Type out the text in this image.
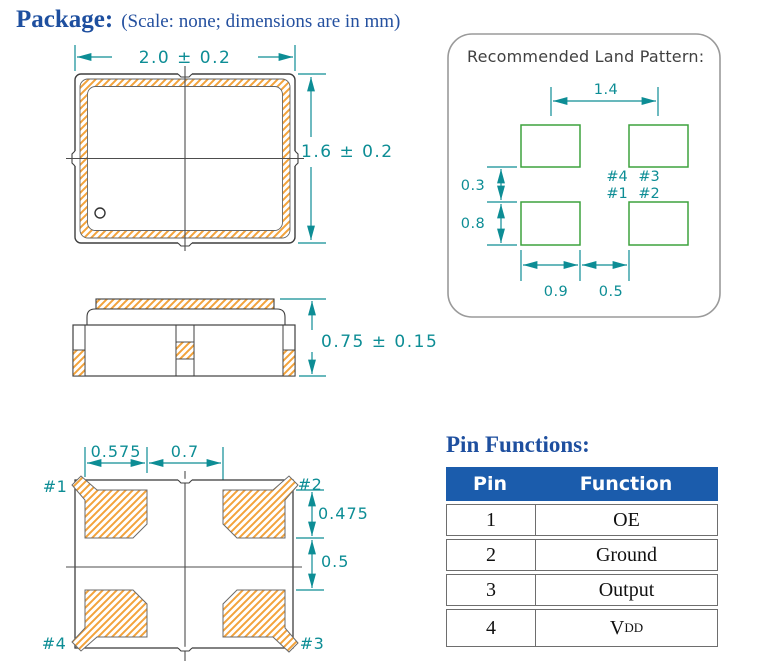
Package: (Scale: none; dimensions are in mm)
2.0 ± 0.2
1.6 ± 0.2
0.75 ± 0.15
0.575 0.7
0.475
0.5
#1	#2
#4	#3
Recommended Land Pattern:
1.4
0.3
0.8
0.9 0.5
#4 #3
#1 #2
Pin Functions:
Pin	Function
1	OE
2	Ground
3	Output
4	V DD
